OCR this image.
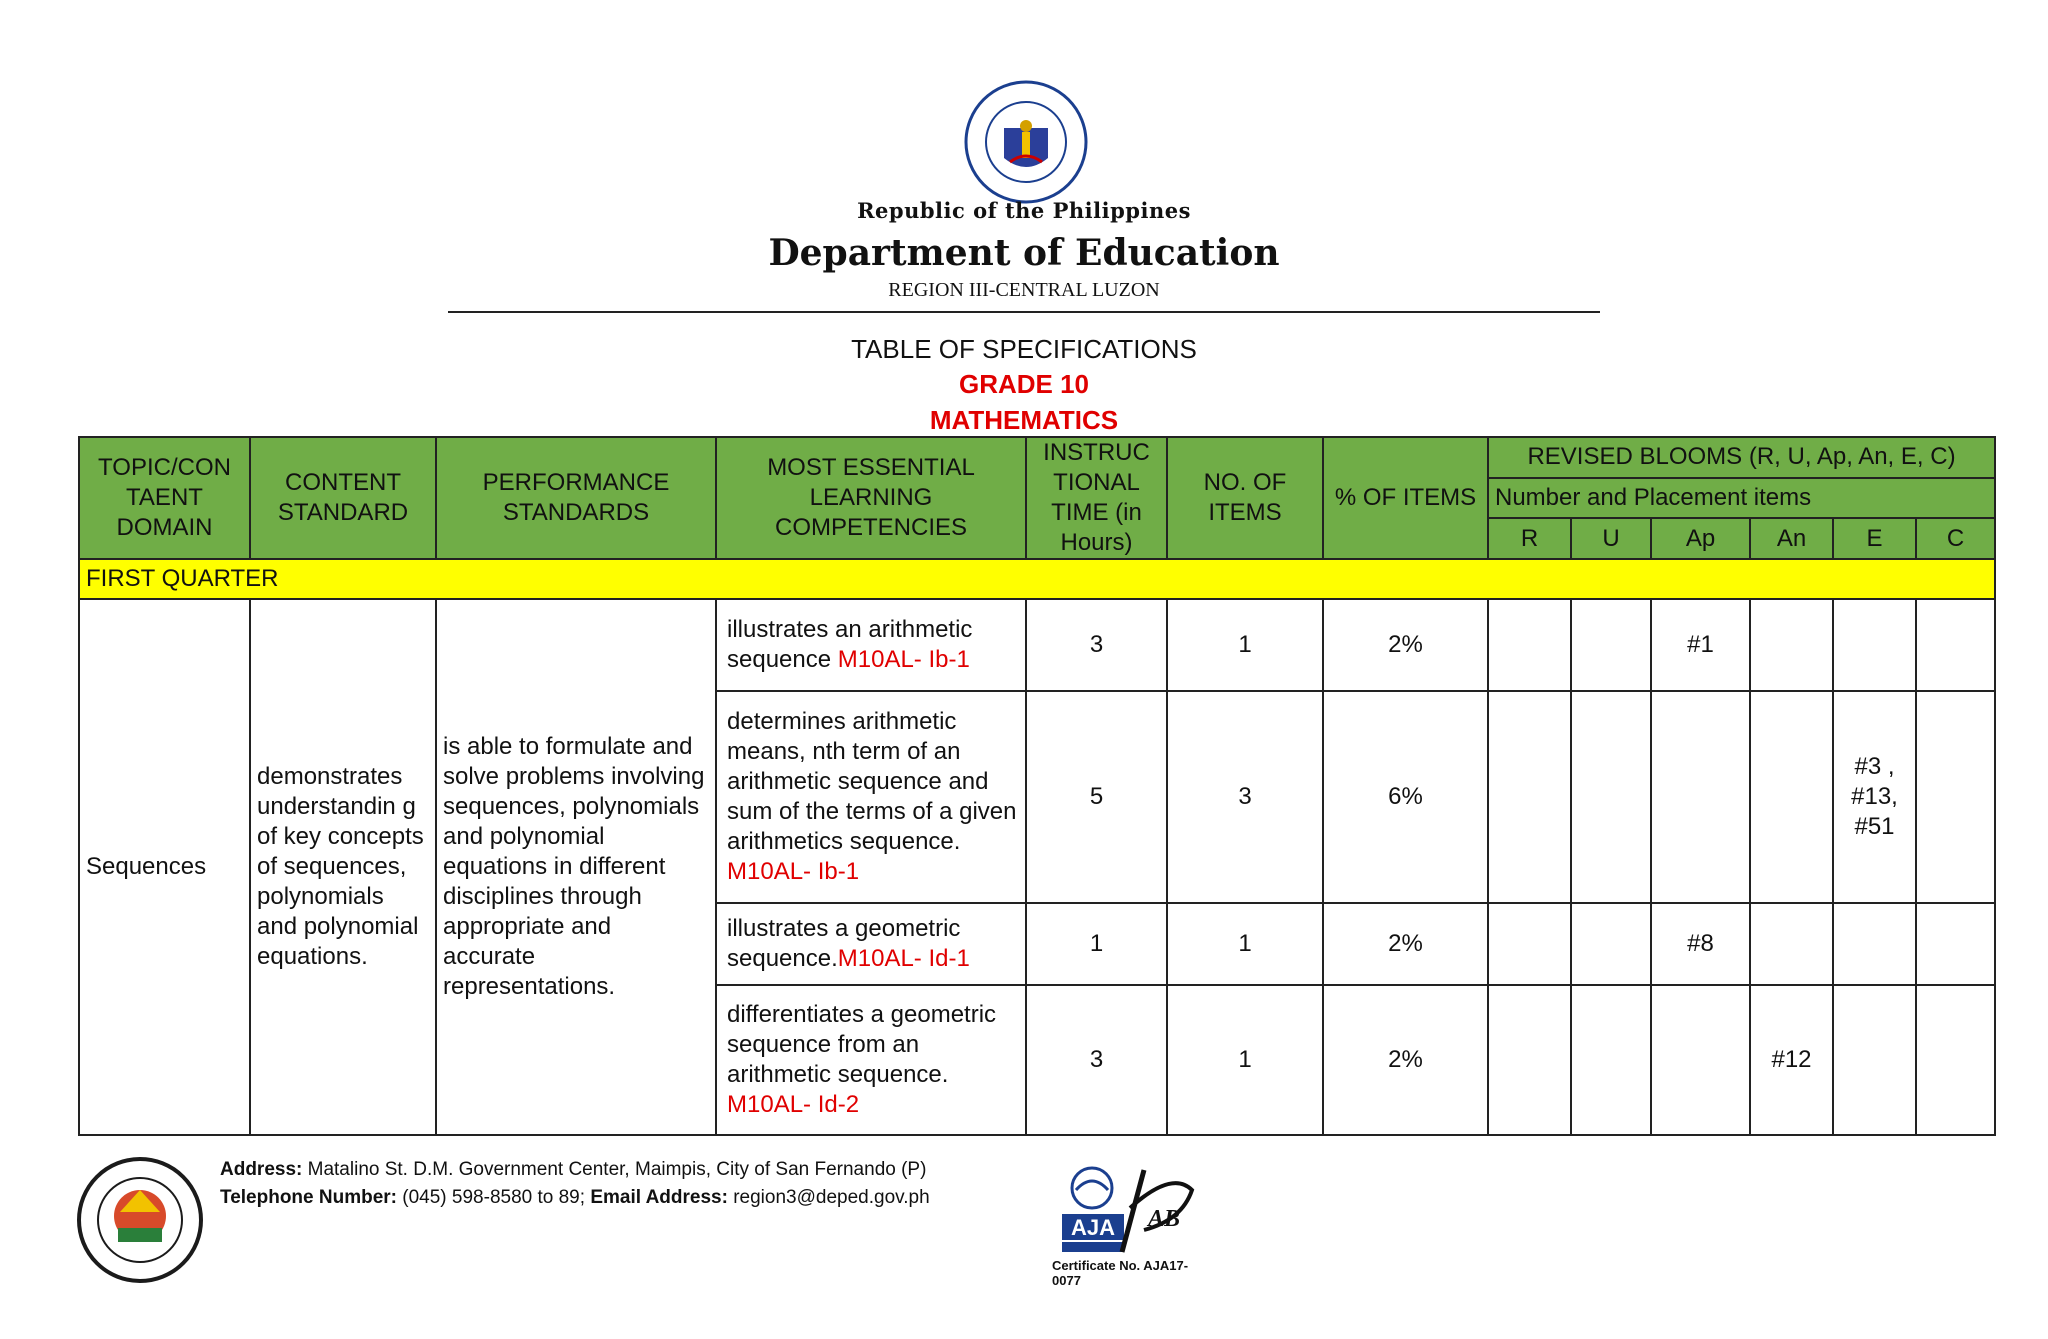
Republic of the Philippines
Department of Education
REGION III-CENTRAL LUZON
TABLE OF SPECIFICATIONS
GRADE 10
MATHEMATICS
TOPIC/CON TAENT DOMAIN	CONTENT STANDARD	PERFORMANCE STANDARDS	MOST ESSENTIAL LEARNING COMPETENCIES	INSTRUC TIONAL TIME (in Hours)	NO. OF ITEMS	% OF ITEMS	REVISED BLOOMS (R, U, Ap, An, E, C)					
							Number and Placement items					
							R	U	Ap	An	E	C
FIRST QUARTER												
Sequences	demonstrates understandin g of key concepts of sequences, polynomials and polynomial equations.	is able to formulate and solve problems involving sequences, polynomials and polynomial equations in different disciplines through appropriate and accurate representations.	illustrates an arithmetic sequence M10AL- Ib-1	3	1	2%			#1			
			determines arithmetic means, nth term of an arithmetic sequence and sum of the terms of a given arithmetics sequence. M10AL- Ib-1	5	3	6%					#3 , #13, #51	
			illustrates a geometric sequence.M10AL- Id-1	1	1	2%			#8			
			differentiates a geometric sequence from an arithmetic sequence. M10AL- Id-2	3	1	2%				#12		
Address: Matalino St. D.M. Government Center, Maimpis, City of San Fernando (P)
Telephone Number: (045) 598-8580 to 89; Email Address: region3@deped.gov.ph
AJA AB
Certificate No. AJA17-0077
